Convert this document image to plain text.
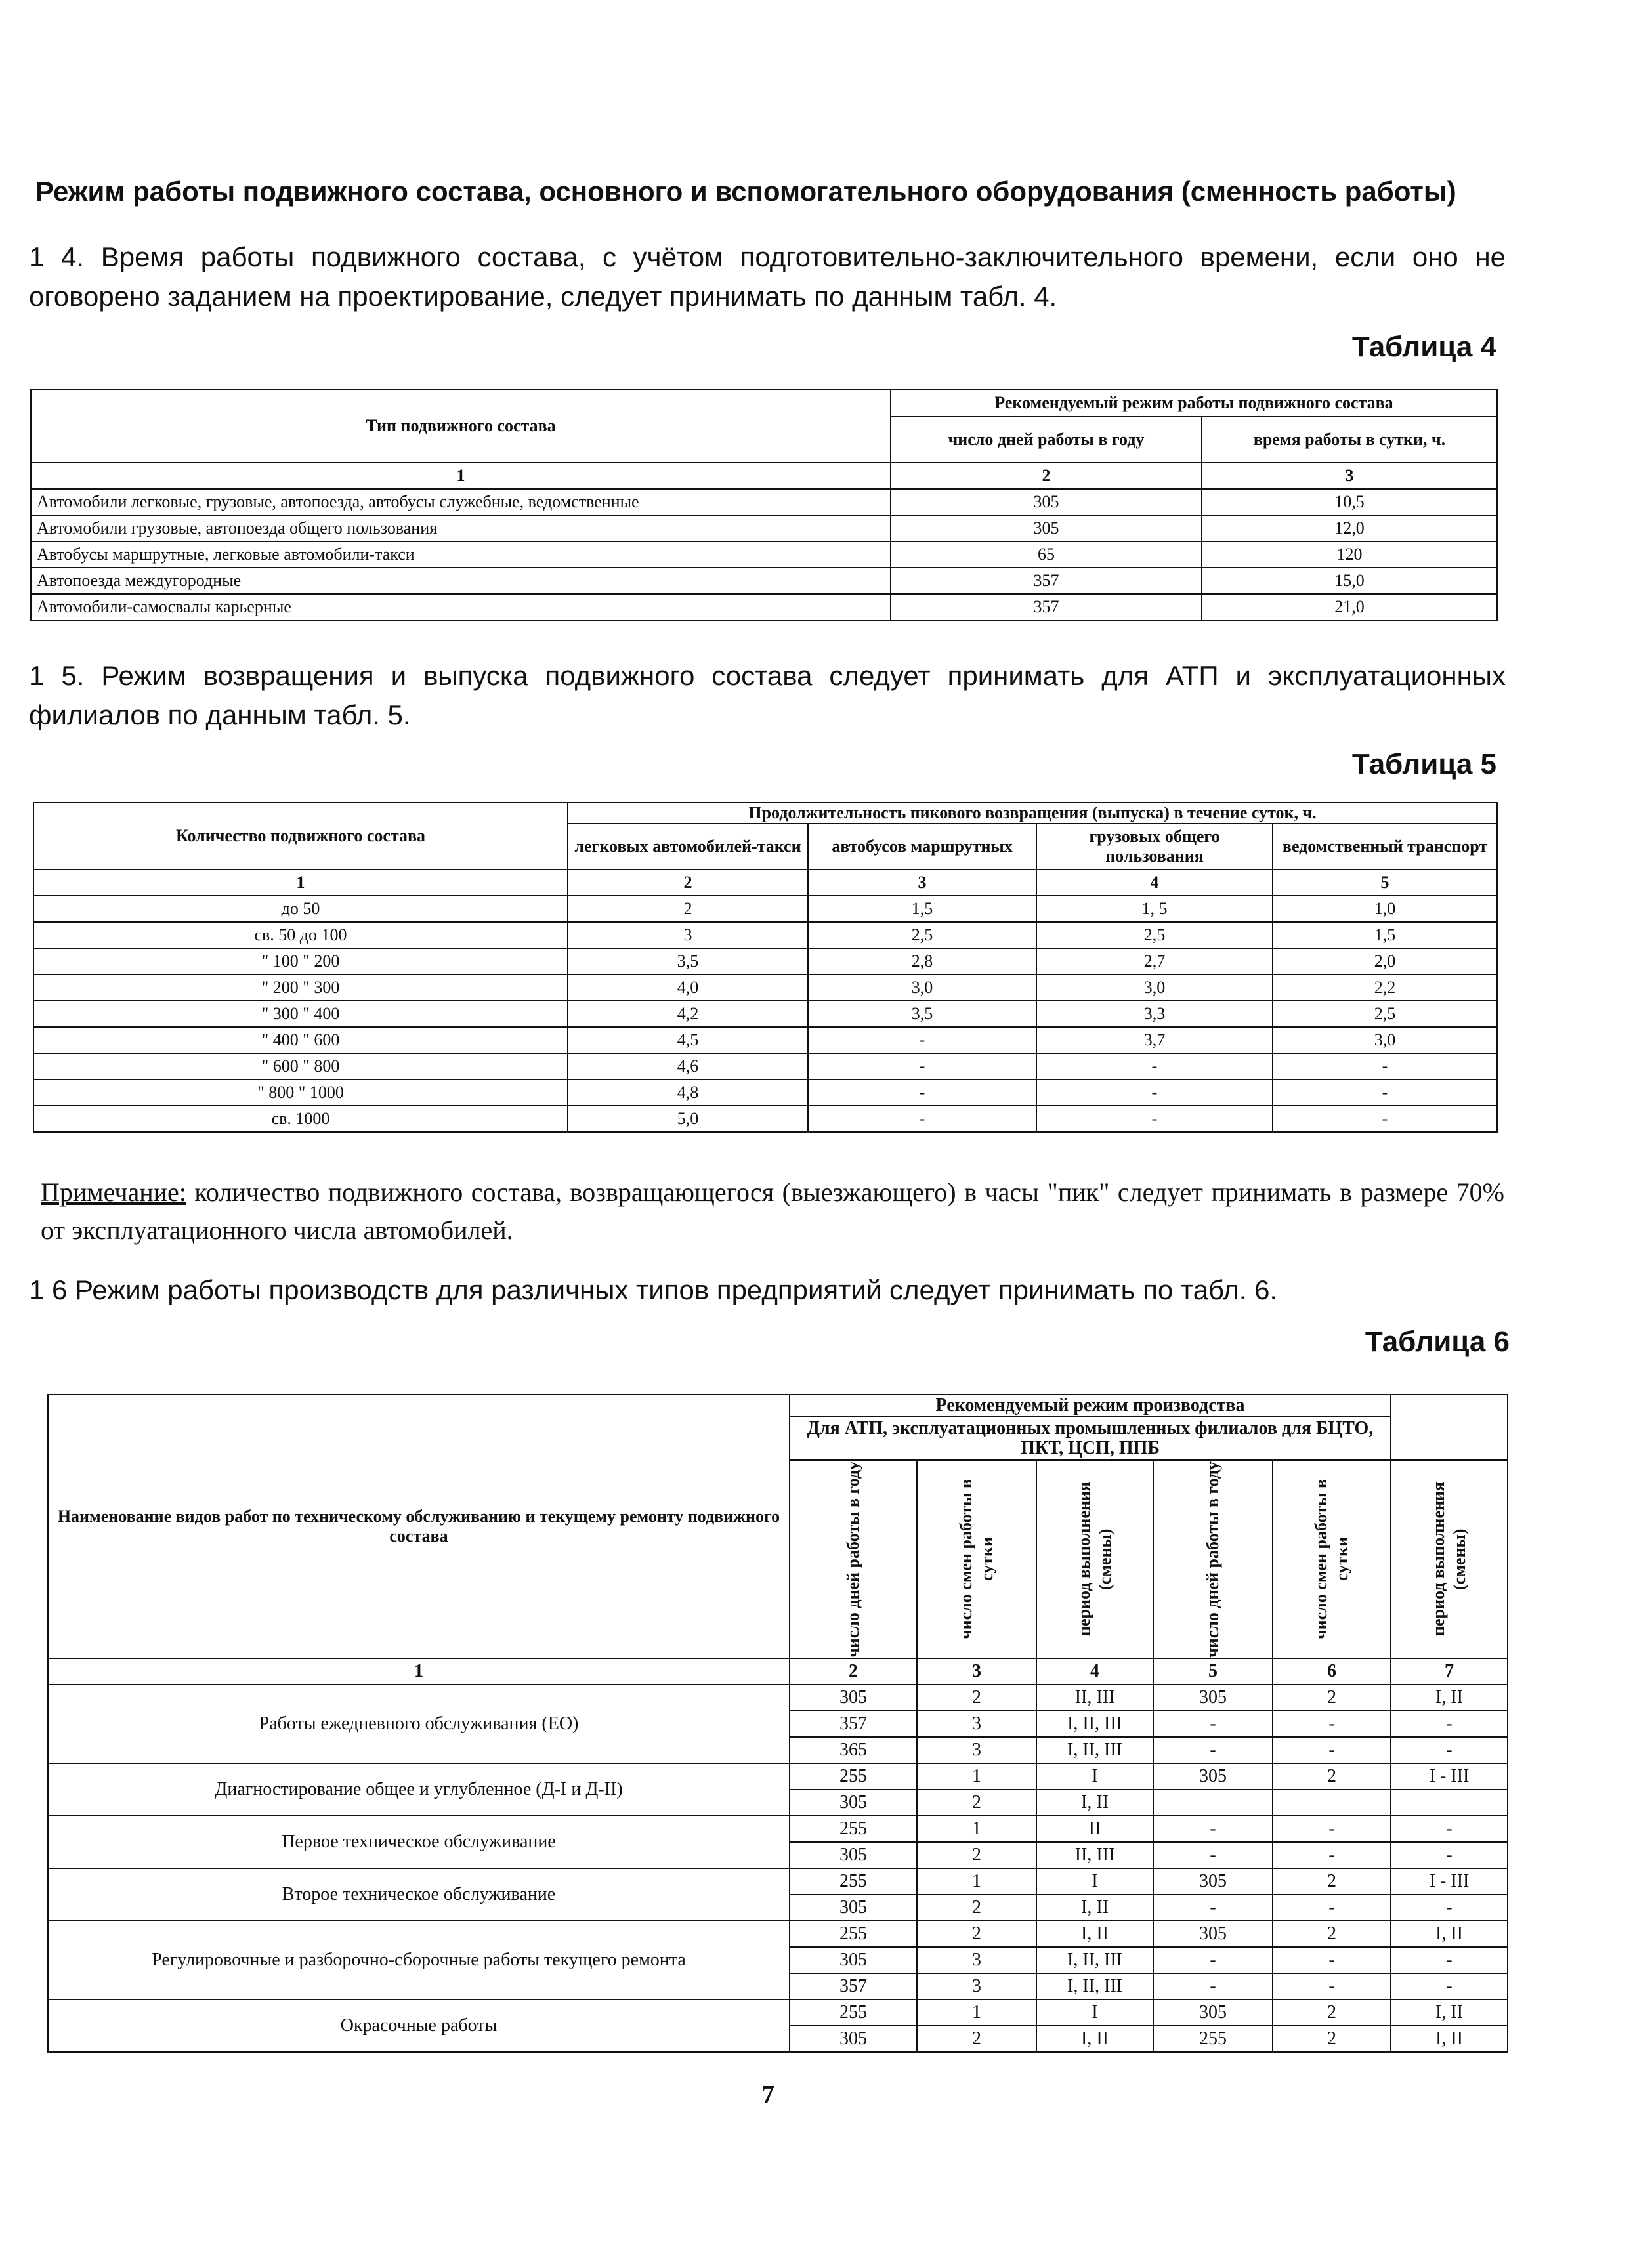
Режим работы подвижного состава, основного и вспомогательного оборудования (сменность работы)
1 4. Время работы подвижного состава, с учётом подготовительно-заключительного времени, если оно не оговорено заданием на проектирование, следует принимать по данным табл. 4.
Таблица 4
Тип подвижного состава	Рекомендуемый режим работы подвижного состава	
	число дней работы в году	время работы в сутки, ч.
1	2	3
Автомобили легковые, грузовые, автопоезда, автобусы служебные, ведомственные	305	10,5
Автомобили грузовые, автопоезда общего пользования	305	12,0
Автобусы маршрутные, легковые автомобили-такси	65	120
Автопоезда междугородные	357	15,0
Автомобили-самосвалы карьерные	357	21,0
1 5. Режим возвращения и выпуска подвижного состава следует принимать для АТП и эксплуатационных филиалов по данным табл. 5.
Таблица 5
Количество подвижного состава	Продолжительность пикового возвращения (выпуска) в течение суток, ч.			
	легковых автомобилей-такси	автобусов маршрутных	грузовых общего пользования	ведомственный транспорт
1	2	3	4	5
до 50	2	1,5	1, 5	1,0
св. 50 до 100	3	2,5	2,5	1,5
" 100 " 200	3,5	2,8	2,7	2,0
" 200 " 300	4,0	3,0	3,0	2,2
" 300 " 400	4,2	3,5	3,3	2,5
" 400 " 600	4,5	-	3,7	3,0
" 600 " 800	4,6	-	-	-
" 800 " 1000	4,8	-	-	-
св. 1000	5,0	-	-	-
Примечание: количество подвижного состава, возвращающегося (выезжающего) в часы "пик" следует принимать в размере 70% от эксплуатационного числа автомобилей.
1 6 Режим работы производств для различных типов предприятий следует принимать по табл. 6.
Таблица 6
Наименование видов работ по техническому обслуживанию и текущему ремонту подвижного состава	Рекомендуемый режим производства					
	Для АТП, эксплуатационных промышленных филиалов для БЦТО, ПКТ, ЦСП, ППБ					

	число дней работы в году	число смен работы в сутки	период выполнения (смены)	число дней работы в году	число смен работы в сутки	период выполнения (смены)

1	2	3	4	5	6	7
Работы ежедневного обслуживания (ЕО)	305	2	II, III	305	2	I, II
	357	3	I, II, III	-	-	-
	365	3	I, II, III	-	-	-
Диагностирование общее и углубленное (Д-I и Д-II)	255	1	I	305	2	I - III
	305	2	I, II			
Первое техническое обслуживание	255	1	II	-	-	-
	305	2	II, III	-	-	-
Второе техническое обслуживание	255	1	I	305	2	I - III
	305	2	I, II	-	-	-
Регулировочные и разборочно-сборочные работы текущего ремонта	255	2	I, II	305	2	I, II
	305	3	I, II, III	-	-	-
	357	3	I, II, III	-	-	-
Окрасочные работы	255	1	I	305	2	I, II
	305	2	I, II	255	2	I, II
7
